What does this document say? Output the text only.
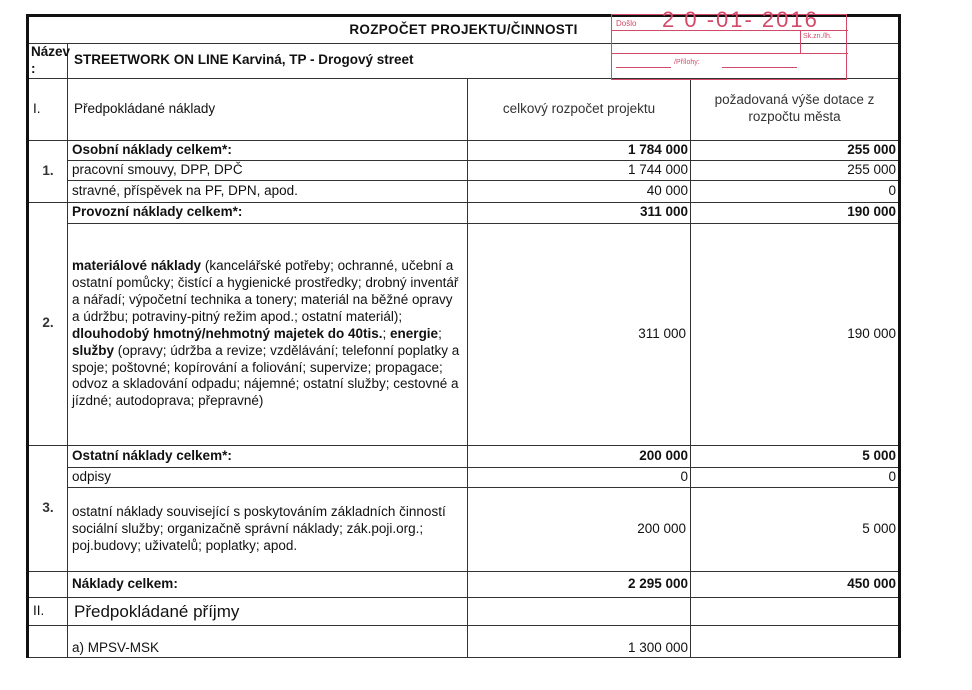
ROZPOČET PROJEKTU/ČINNOSTI			
Název :	STREETWORK ON LINE Karviná, TP - Drogový street		
I.	Předpokládané náklady	celkový rozpočet projektu	požadovaná výše dotace z rozpočtu města
1.	Osobní náklady celkem*:	1 784 000	255 000
	pracovní smouvy, DPP, DPČ	1 744 000	255 000
	stravné, příspěvek na PF, DPN, apod.	40 000	0
2.	Provozní náklady celkem*:	311 000	190 000
	materiálové náklady (kancelářské potřeby; ochranné, učební a ostatní pomůcky; čistící a hygienické prostředky; drobný inventář a nářadí; výpočetní technika a tonery; materiál na běžné opravy a údržbu; potraviny-pitný režim apod.; ostatní materiál); dlouhodobý hmotný/nehmotný majetek do 40tis.; energie; služby (opravy; údržba a revize; vzdělávání; telefonní poplatky a spoje; poštovné; kopírování a foliování; supervize; propagace; odvoz a skladování odpadu; nájemné; ostatní služby; cestovné a jízdné; autodoprava; přepravné)	311 000	190 000
3.	Ostatní náklady celkem*:	200 000	5 000
	odpisy	0	0
	ostatní náklady související s poskytováním základních činností sociální služby; organizačně správní náklady; zák.poji.org.; poj.budovy; uživatelů; poplatky; apod.	200 000	5 000
	Náklady celkem:	2 295 000	450 000
II.	Předpokládané příjmy		
	a) MPSV-MSK	1 300 000	
Došlo 2 0 -01- 2016
Sk.zn./lh.
/Přílohy:
